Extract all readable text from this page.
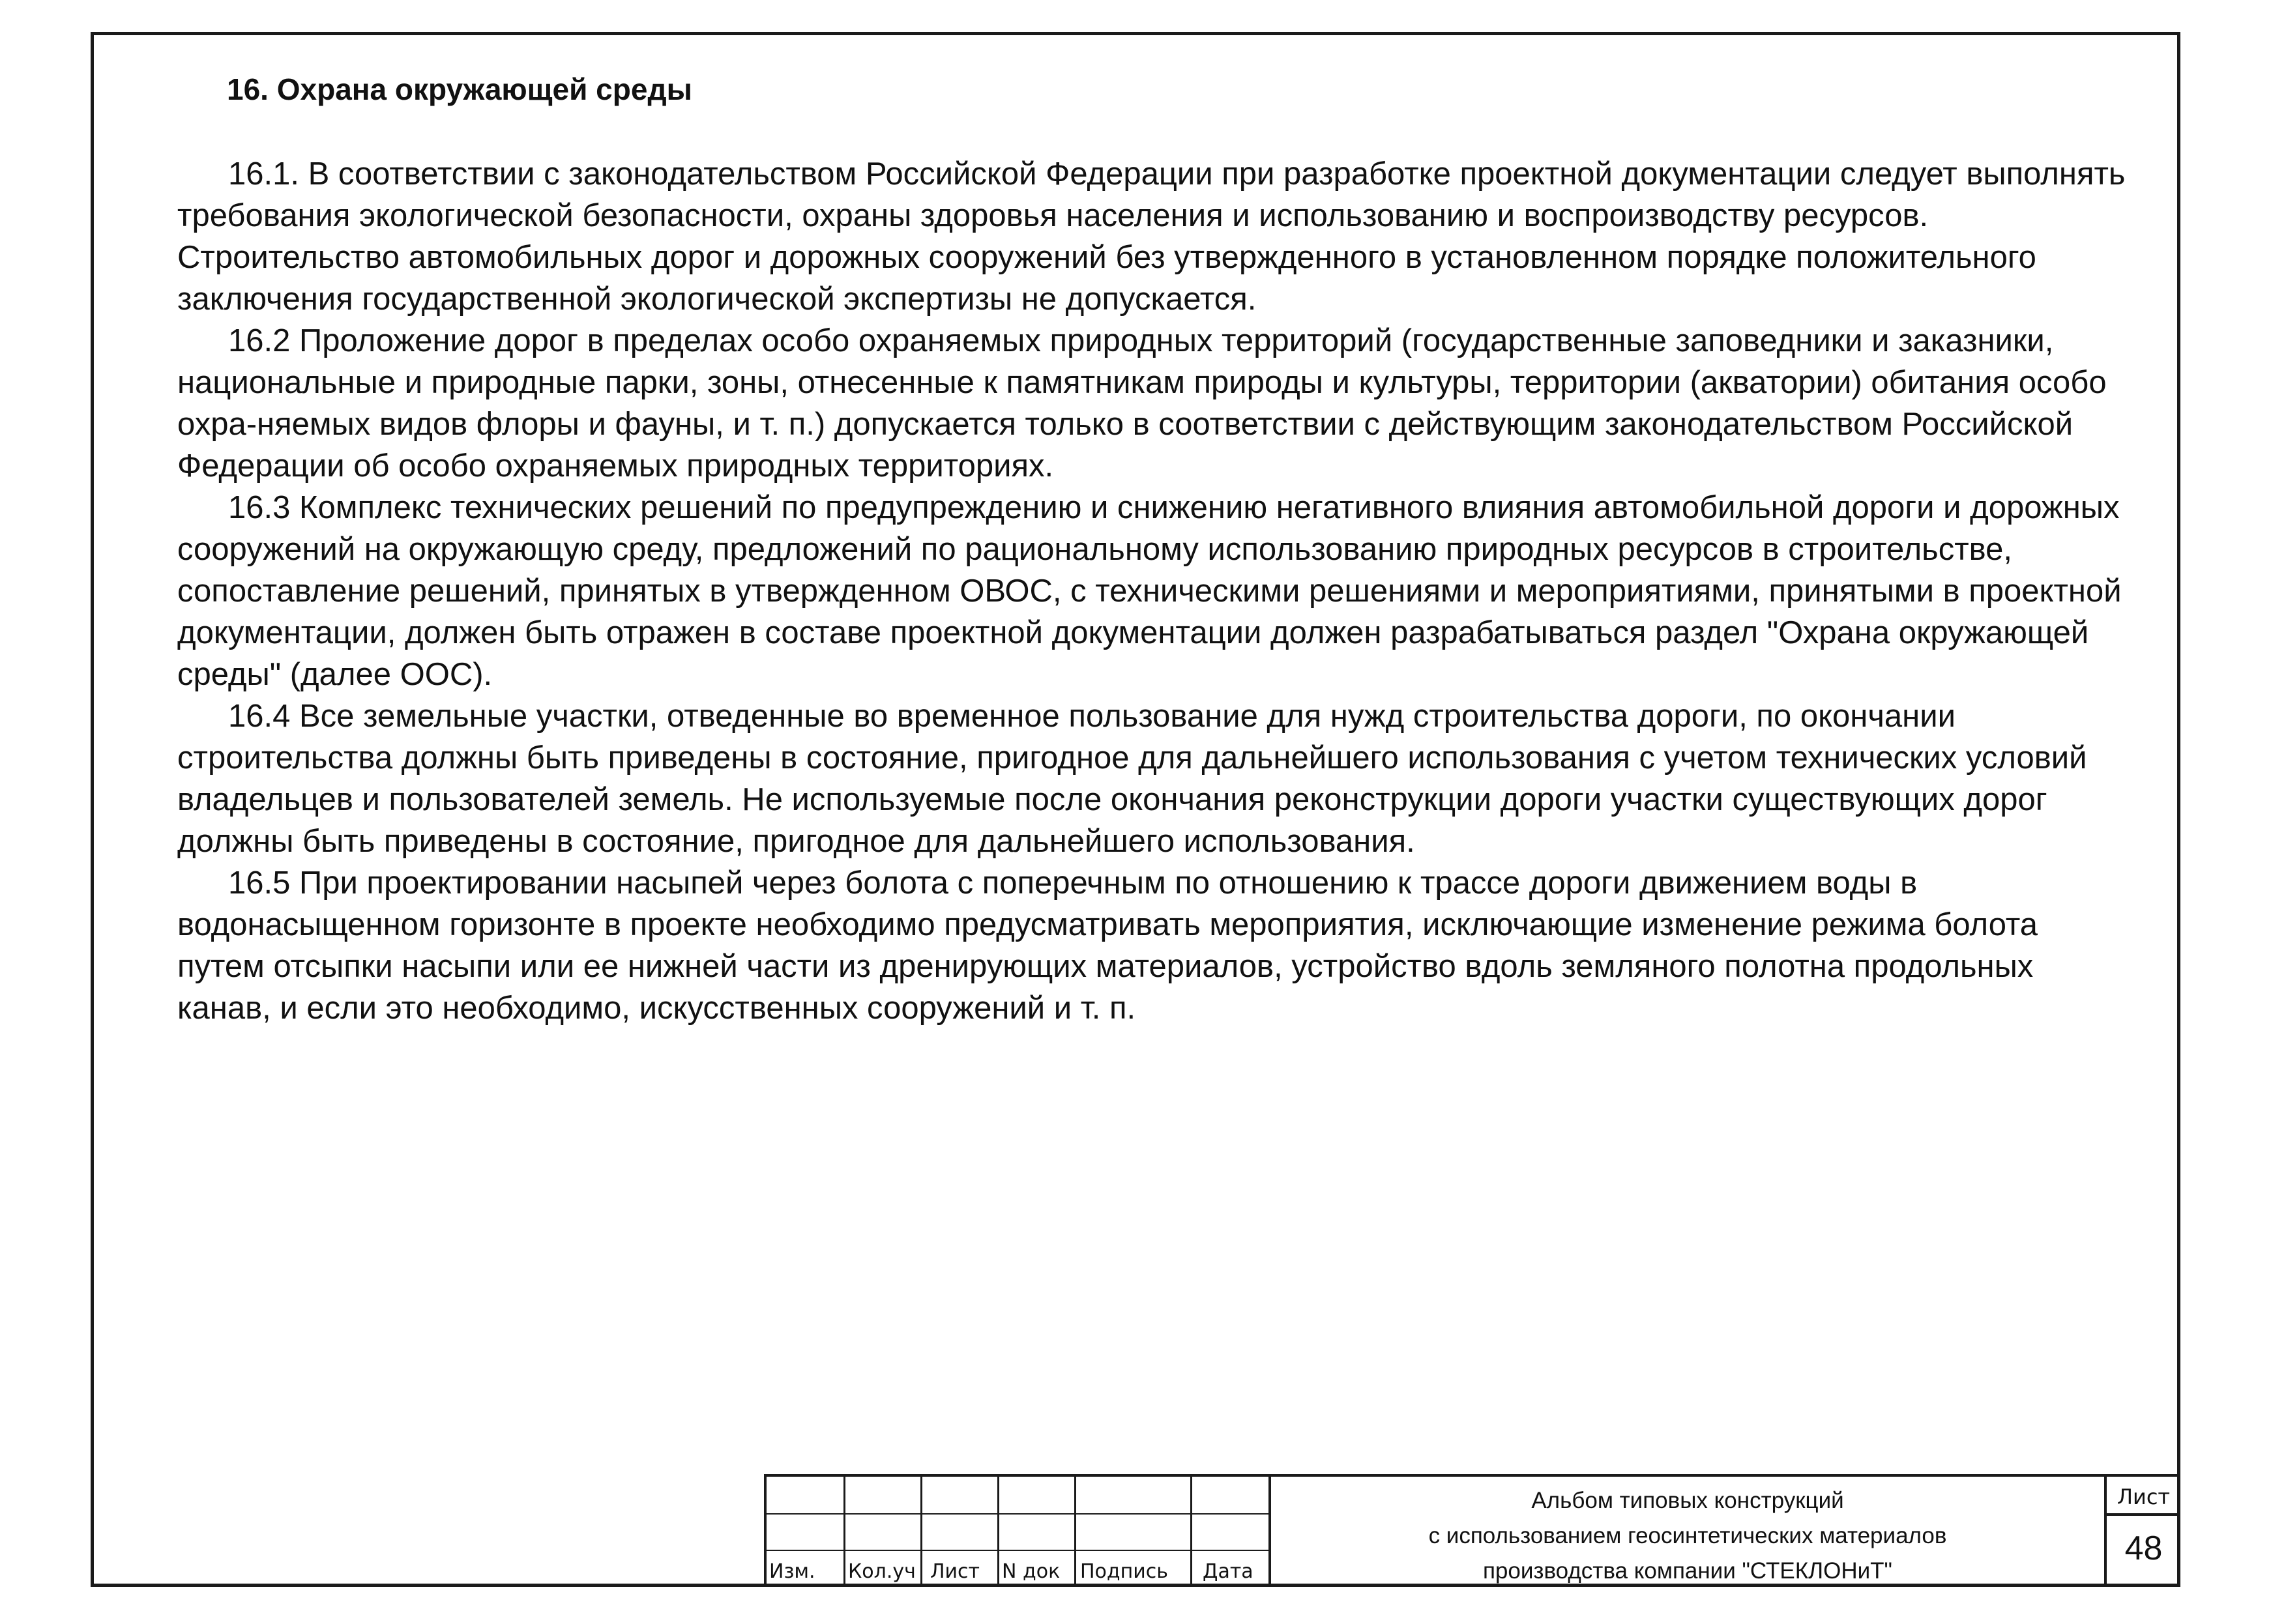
16. Охрана окружающей среды

16.1. В соответствии с законодательством Российской Федерации при разработке проектной документации следует выполнять требования экологической безопасности, охраны здоровья населения и использованию и воспроизводству ресурсов. Строительство автомобильных дорог и дорожных сооружений без утвержденного в установленном порядке положительного заключения государственной экологической экспертизы не допускается.

16.2 Проложение дорог в пределах особо охраняемых природных территорий (государственные заповедники и заказники, национальные и природные парки, зоны, отнесенные к памятникам природы и культуры, территории (акватории) обитания особо охра-няемых видов флоры и фауны, и т. п.) допускается только в соответствии с действующим законодательством Российской Федерации об особо охраняемых природных территориях.

16.3 Комплекс технических решений по предупреждению и снижению негативного влияния автомобильной дороги и дорожных сооружений на окружающую среду, предложений по рациональному использованию природных ресурсов в строительстве, сопоставление решений, принятых в утвержденном ОВОС, с техническими решениями и мероприятиями, принятыми в проектной документации, должен быть отражен в составе проектной документации должен разрабатываться раздел "Охрана окружающей среды" (далее ООС).

16.4 Все земельные участки, отведенные во временное пользование для нужд строительства дороги, по окончании строительства должны быть приведены в состояние, пригодное для дальнейшего использования с учетом технических условий владельцев и пользователей земель. Не используемые после окончания реконструкции дороги участки существующих дорог должны быть приведены в состояние, пригодное для дальнейшего использования.

16.5 При проектировании насыпей через болота с поперечным по отношению к трассе дороги движением воды в водонасыщенном горизонте в проекте необходимо предусматривать мероприятия, исключающие изменение режима болота путем отсыпки насыпи или ее нижней части из дренирующих материалов, устройство вдоль земляного полотна продольных канав, и если это необходимо, искусственных сооружений и т. п.

Изм. Кол.уч Лист N док Подпись Дата
Альбом типовых конструкций
с использованием геосинтетических материалов
производства компании "СТЕКЛОНиТ"
Лист
48
